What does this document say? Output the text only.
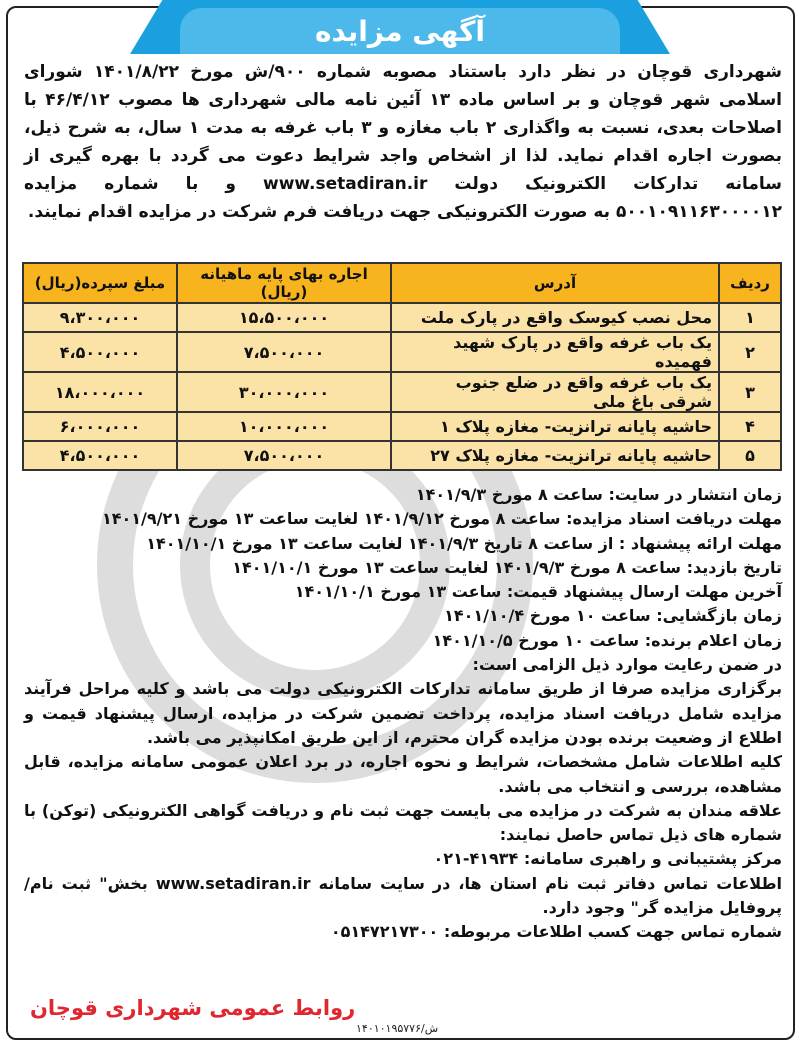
آگهی مزایده
شهرداری قوچان در نظر دارد باستناد مصوبه شماره ۹۰۰/ش مورخ ۱۴۰۱/۸/۲۲ شورای اسلامی شهر قوچان و بر اساس ماده ۱۳ آئین نامه مالی شهرداری ها مصوب ۴۶/۴/۱۲ با اصلاحات بعدی، نسبت به واگذاری ۲ باب مغازه و ۳ باب غرفه به مدت ۱ سال، به شرح ذیل، بصورت اجاره اقدام نماید. لذا از اشخاص واجد شرایط دعوت می گردد با بهره گیری از سامانه تدارکات الکترونیک دولت www.setadiran.ir و با شماره مزایده ۵۰۰۱۰۹۱۱۶۳۰۰۰۰۱۲ به صورت الکترونیکی جهت دریافت فرم شرکت در مزایده اقدام نمایند.
ردیف	آدرس	اجاره بهای پایه ماهیانه (ریال)	مبلغ سپرده(ریال)
۱	محل نصب کیوسک واقع در پارک ملت	۱۵،۵۰۰،۰۰۰	۹،۳۰۰،۰۰۰
۲	یک باب غرفه واقع در پارک شهید فهمیده	۷،۵۰۰،۰۰۰	۴،۵۰۰،۰۰۰
۳	یک باب غرفه واقع در ضلع جنوب شرقی باغ ملی	۳۰،۰۰۰،۰۰۰	۱۸،۰۰۰،۰۰۰
۴	حاشیه پایانه ترانزیت- مغازه پلاک ۱	۱۰،۰۰۰،۰۰۰	۶،۰۰۰،۰۰۰
۵	حاشیه پایانه ترانزیت- مغازه پلاک ۲۷	۷،۵۰۰،۰۰۰	۴،۵۰۰،۰۰۰

زمان انتشار در سایت: ساعت ۸ مورخ ۱۴۰۱/۹/۳

مهلت دریافت اسناد مزایده: ساعت ۸ مورخ ۱۴۰۱/۹/۱۲ لغایت ساعت ۱۳ مورخ ۱۴۰۱/۹/۲۱

مهلت ارائه پیشنهاد : از ساعت ۸ تاریخ ۱۴۰۱/۹/۳ لغایت ساعت ۱۳ مورخ ۱۴۰۱/۱۰/۱

تاریخ بازدید: ساعت ۸ مورخ ۱۴۰۱/۹/۳ لغایت ساعت ۱۳ مورخ ۱۴۰۱/۱۰/۱

آخرین مهلت ارسال پیشنهاد قیمت: ساعت ۱۳ مورخ ۱۴۰۱/۱۰/۱

زمان بازگشایی: ساعت ۱۰ مورخ ۱۴۰۱/۱۰/۴

زمان اعلام برنده: ساعت ۱۰ مورخ ۱۴۰۱/۱۰/۵

در ضمن رعایت موارد ذیل الزامی است:

برگزاری مزایده صرفا از طریق سامانه تدارکات الکترونیکی دولت می باشد و کلیه مراحل فرآیند مزایده شامل دریافت اسناد مزایده، پرداخت تضمین شرکت در مزایده، ارسال پیشنهاد قیمت و اطلاع از وضعیت برنده بودن مزایده گران محترم، از این طریق امکانپذیر می باشد.

کلیه اطلاعات شامل مشخصات، شرایط و نحوه اجاره، در برد اعلان عمومی سامانه مزایده، قابل مشاهده، بررسی و انتخاب می باشد.

علاقه مندان به شرکت در مزایده می بایست جهت ثبت نام و دریافت گواهی الکترونیکی (توکن) با شماره های ذیل تماس حاصل نمایند:

مرکز پشتیبانی و راهبری سامانه: ۴۱۹۳۴-۰۲۱

اطلاعات تماس دفاتر ثبت نام استان ها، در سایت سامانه www.setadiran.ir بخش" ثبت نام/ پروفایل مزایده گر" وجود دارد.

شماره تماس جهت کسب اطلاعات مربوطه: ۰۵۱۴۷۲۱۷۳۰۰

روابط عمومی شهرداری قوچان
۱۴۰۱۰۱۹۵۷۷۶/ش
